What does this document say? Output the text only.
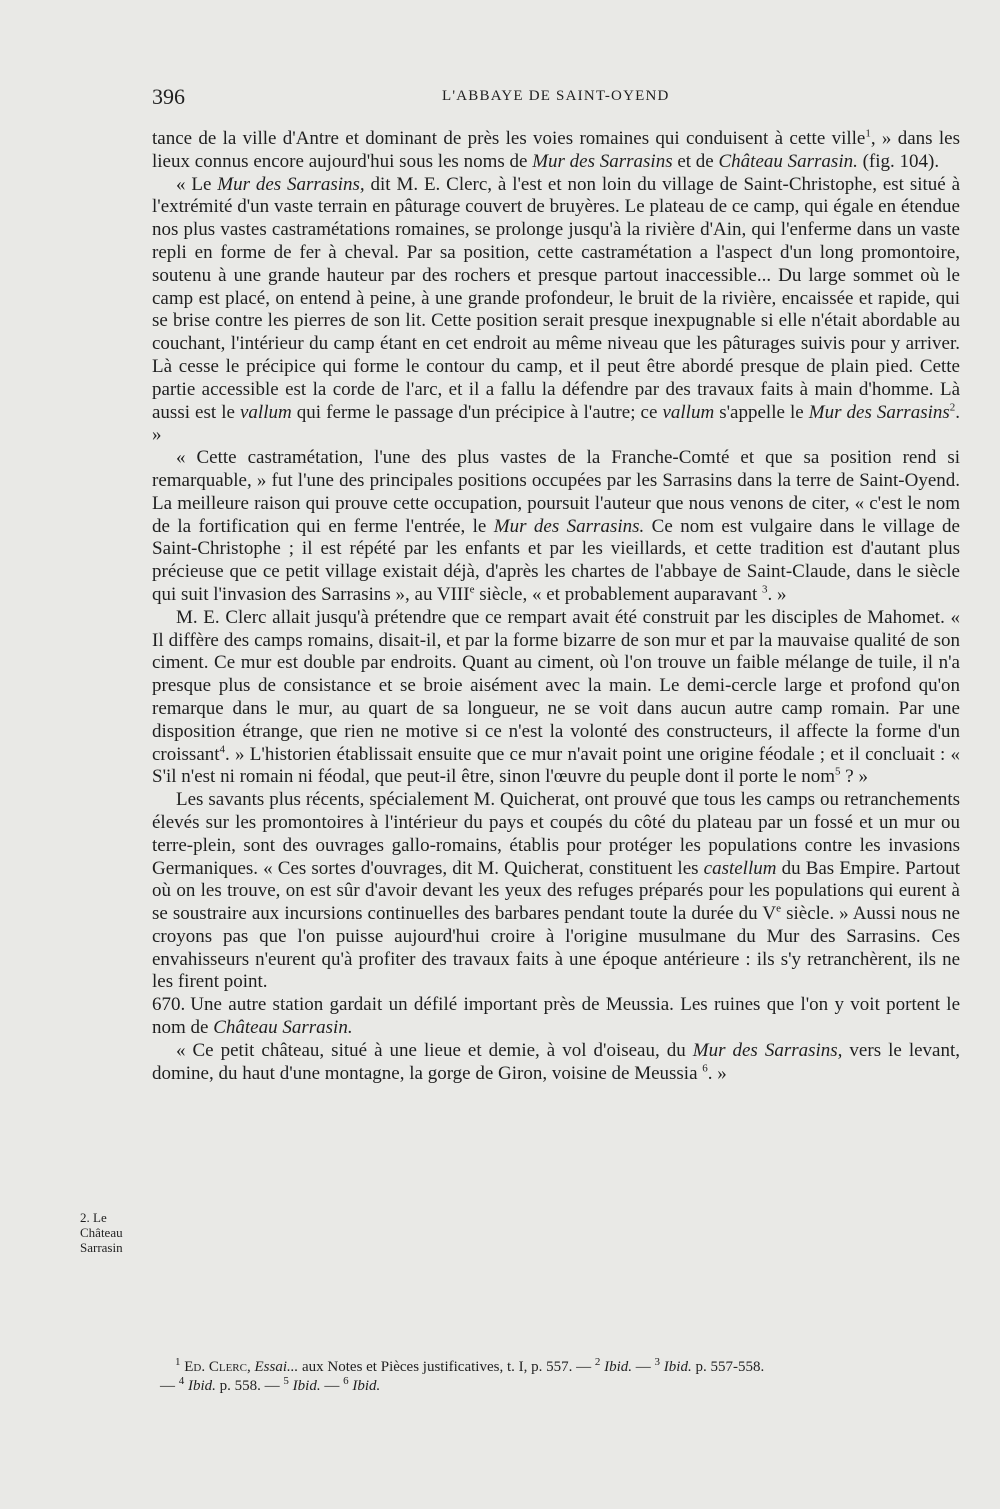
396	L'ABBAYE DE SAINT-OYEND

tance de la ville d'Antre et dominant de près les voies romaines qui conduisent à cette ville$^1$, » dans les lieux connus encore aujourd'hui sous les noms de Mur des Sarrasins et de Château Sarrasin. (fig. 104).

« Le Mur des Sarrasins, dit M. E. Clerc, à l'est et non loin du village de Saint-Christophe, est situé à l'extrémité d'un vaste terrain en pâturage couvert de bruyères. Le plateau de ce camp, qui égale en étendue nos plus vastes castramétations romaines, se prolonge jusqu'à la rivière d'Ain, qui l'enferme dans un vaste repli en forme de fer à cheval. Par sa position, cette castramétation a l'aspect d'un long promontoire, soutenu à une grande hauteur par des rochers et presque partout inaccessible... Du large sommet où le camp est placé, on entend à peine, à une grande profondeur, le bruit de la rivière, encaissée et rapide, qui se brise contre les pierres de son lit. Cette position serait presque inexpugnable si elle n'était abordable au couchant, l'intérieur du camp étant en cet endroit au même niveau que les pâturages suivis pour y arriver. Là cesse le précipice qui forme le contour du camp, et il peut être abordé presque de plain pied. Cette partie accessible est la corde de l'arc, et il a fallu la défendre par des travaux faits à main d'homme. Là aussi est le vallum qui ferme le passage d'un précipice à l'autre; ce vallum s'appelle le Mur des Sarrasins$^2$. »

« Cette castramétation, l'une des plus vastes de la Franche-Comté et que sa position rend si remarquable, » fut l'une des principales positions occupées par les Sarrasins dans la terre de Saint-Oyend. La meilleure raison qui prouve cette occupation, poursuit l'auteur que nous venons de citer, « c'est le nom de la fortification qui en ferme l'entrée, le Mur des Sarrasins. Ce nom est vulgaire dans le village de Saint-Christophe ; il est répété par les enfants et par les vieillards, et cette tradition est d'autant plus précieuse que ce petit village existait déjà, d'après les chartes de l'abbaye de Saint-Claude, dans le siècle qui suit l'invasion des Sarrasins », au VIIIe siècle, « et probablement auparavant $^3$. »

M. E. Clerc allait jusqu'à prétendre que ce rempart avait été construit par les disciples de Mahomet. « Il diffère des camps romains, disait-il, et par la forme bizarre de son mur et par la mauvaise qualité de son ciment. Ce mur est double par endroits. Quant au ciment, où l'on trouve un faible mélange de tuile, il n'a presque plus de consistance et se broie aisément avec la main. Le demi-cercle large et profond qu'on remarque dans le mur, au quart de sa longueur, ne se voit dans aucun autre camp romain. Par une disposition étrange, que rien ne motive si ce n'est la volonté des constructeurs, il affecte la forme d'un croissant$^4$. » L'historien établissait ensuite que ce mur n'avait point une origine féodale ; et il concluait : « S'il n'est ni romain ni féodal, que peut-il être, sinon l'œuvre du peuple dont il porte le nom$^5$ ? »

Les savants plus récents, spécialement M. Quicherat, ont prouvé que tous les camps ou retranchements élevés sur les promontoires à l'intérieur du pays et coupés du côté du plateau par un fossé et un mur ou terre-plein, sont des ouvrages gallo-romains, établis pour protéger les populations contre les invasions Germaniques. « Ces sortes d'ouvrages, dit M. Quicherat, constituent les castellum du Bas Empire. Partout où on les trouve, on est sûr d'avoir devant les yeux des refuges préparés pour les populations qui eurent à se soustraire aux incursions continuelles des barbares pendant toute la durée du Ve siècle. » Aussi nous ne croyons pas que l'on puisse aujourd'hui croire à l'origine musulmane du Mur des Sarrasins. Ces envahisseurs n'eurent qu'à profiter des travaux faits à une époque antérieure : ils s'y retranchèrent, ils ne les firent point.

670. Une autre station gardait un défilé important près de Meussia. Les ruines que l'on y voit portent le nom de Château Sarrasin.

« Ce petit château, situé à une lieue et demie, à vol d'oiseau, du Mur des Sarrasins, vers le levant, domine, du haut d'une montagne, la gorge de Giron, voisine de Meussia $^6$. »

2. Le Château Sarrasin

$^1$ Ed. Clerc, Essai... aux Notes et Pièces justificatives, t. I, p. 557. — $^2$ Ibid. — $^3$ Ibid. p. 557-558.

— $^4$ Ibid. p. 558. — $^5$ Ibid. — $^6$ Ibid.
